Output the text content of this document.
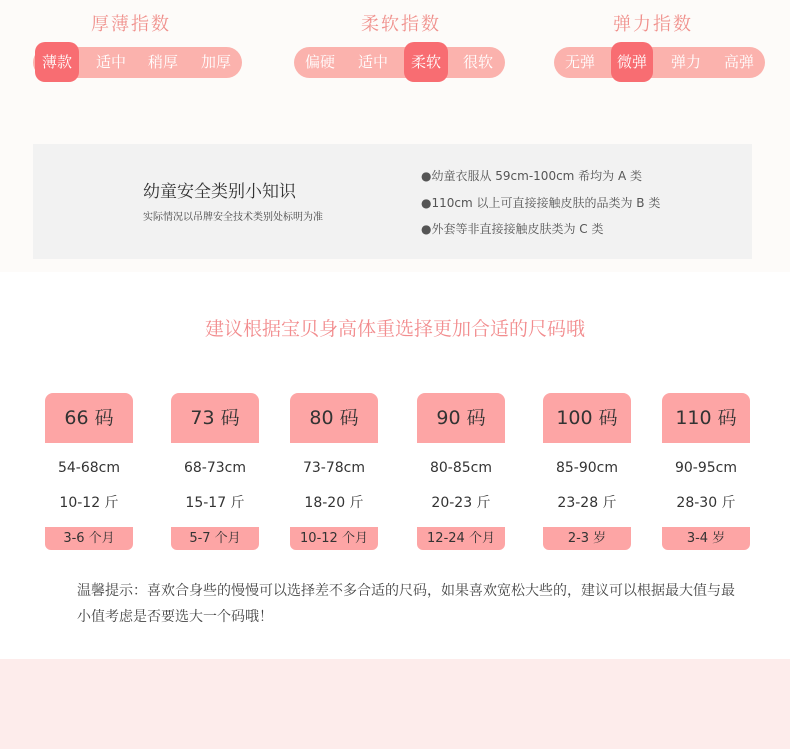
厚薄指数
薄款	适中	稍厚	加厚
柔软指数
偏硬	适中	柔软	很软
弹力指数
无弹	微弹	弹力	高弹
幼童安全类别小知识
实际情况以吊牌安全技术类别处标明为准
●幼童衣服从 59cm-100cm 希均为 A 类
●110cm 以上可直接接触皮肤的品类为 B 类
●外套等非直接接触皮肤类为 C 类
建议根据宝贝身高体重选择更加合适的尺码哦
66 码
54-68cm
10-12 斤
3-6 个月
73 码
68-73cm
15-17 斤
5-7 个月
80 码
73-78cm
18-20 斤
10-12 个月
90 码
80-85cm
20-23 斤
12-24 个月
100 码
85-90cm
23-28 斤
2-3 岁
110 码
90-95cm
28-30 斤
3-4 岁
温馨提示：喜欢合身些的慢慢可以选择差不多合适的尺码，如果喜欢宽松大些的，建议可以根据最大值与最小值考虑是否要选大一个码哦！
